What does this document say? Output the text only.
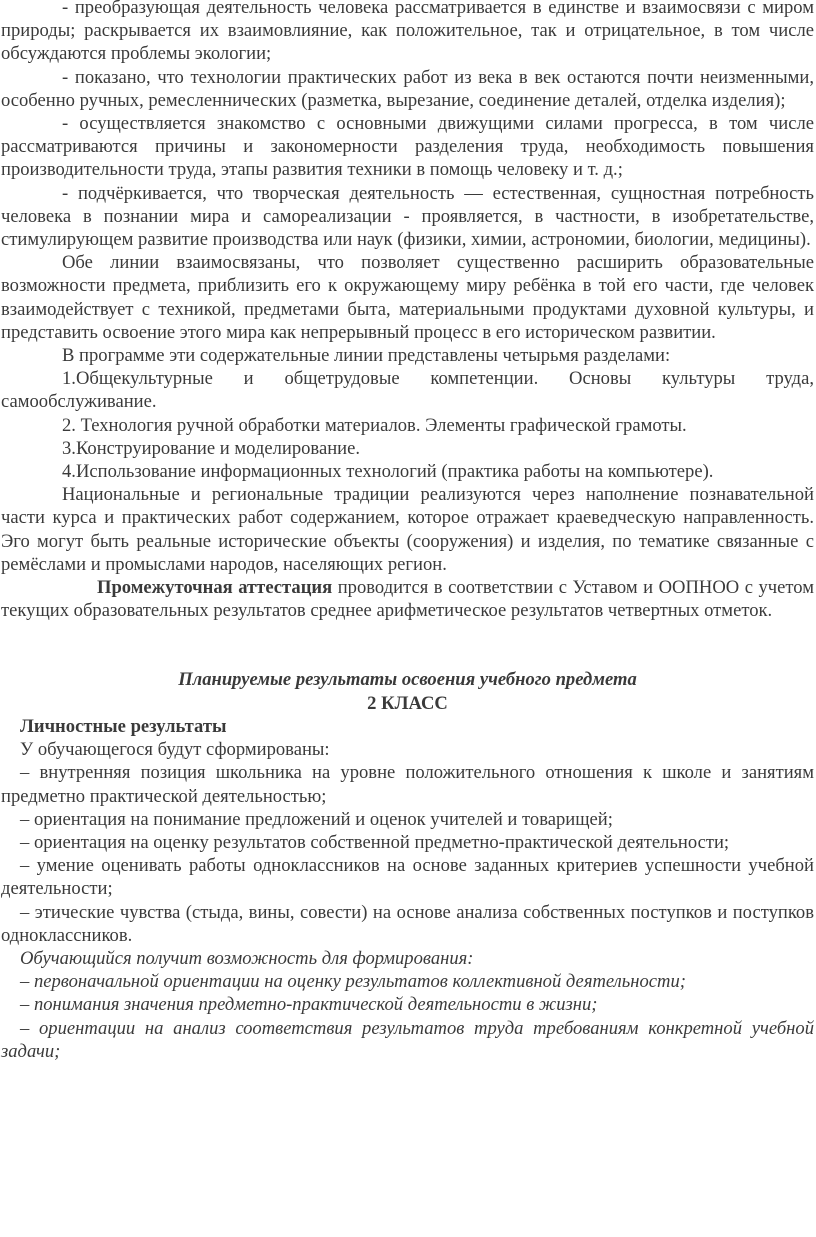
- преобразующая деятельность человека рассматривается в единстве и взаимосвязи с миром природы; раскрывается их взаимовлияние, как положительное, так и отрицательное, в том числе обсуждаются проблемы экологии;

- показано, что технологии практических работ из века в век остаются почти неизменными, особенно ручных, ремесленнических (разметка, вырезание, соединение деталей, отделка изделия);

- осуществляется знакомство с основными движущими силами прогресса, в том числе рассматриваются причины и закономерности разделения труда, необходимость повышения производительности труда, этапы развития техники в помощь человеку и т. д.;

- подчёркивается, что творческая деятельность — естественная, сущностная потребность человека в познании мира и самореализации - проявляется, в частности, в изобретательстве, стимулирующем развитие производства или наук (физики, химии, астрономии, биологии, медицины).

Обе линии взаимосвязаны, что позволяет существенно расширить образовательные возможности предмета, приблизить его к окружающему миру ребёнка в той его части, где человек взаимодействует с техникой, предметами быта, материальными продуктами духовной культуры, и представить освоение этого мира как непрерывный процесс в его историческом развитии.

В программе эти содержательные линии представлены четырьмя разделами:

1.Общекультурные и общетрудовые компетенции. Основы культуры труда, самообслуживание.

2. Технология ручной обработки материалов. Элементы графической грамоты.

3.Конструирование и моделирование.

4.Использование информационных технологий (практика работы на компьютере).

Национальные и региональные традиции реализуются через наполнение познавательной части курса и практических работ содержанием, которое отражает краеведческую направленность. Эго могут быть реальные исторические объекты (сооружения) и изделия, по тематике связанные с ремёслами и промыслами народов, населяющих регион.

Промежуточная аттестация проводится в соответствии с Уставом и ООПНОО с учетом текущих образовательных результатов среднее арифметическое результатов четвертных отметок.

Планируемые результаты освоения учебного предмета

2 КЛАСС

Личностные результаты

У обучающегося будут сформированы:

– внутренняя позиция школьника на уровне положительного отношения к школе и занятиям предметно практической деятельностью;

– ориентация на понимание предложений и оценок учителей и товарищей;

– ориентация на оценку результатов собственной предметно-практической деятельности;

– умение оценивать работы одноклассников на основе заданных критериев успешности учебной деятельности;

– этические чувства (стыда, вины, совести) на основе анализа собственных поступков и поступков одноклассников.

Обучающийся получит возможность для формирования:

– первоначальной ориентации на оценку результатов коллективной деятельности;

– понимания значения предметно-практической деятельности в жизни;

– ориентации на анализ соответствия результатов труда требованиям конкретной учебной задачи;
